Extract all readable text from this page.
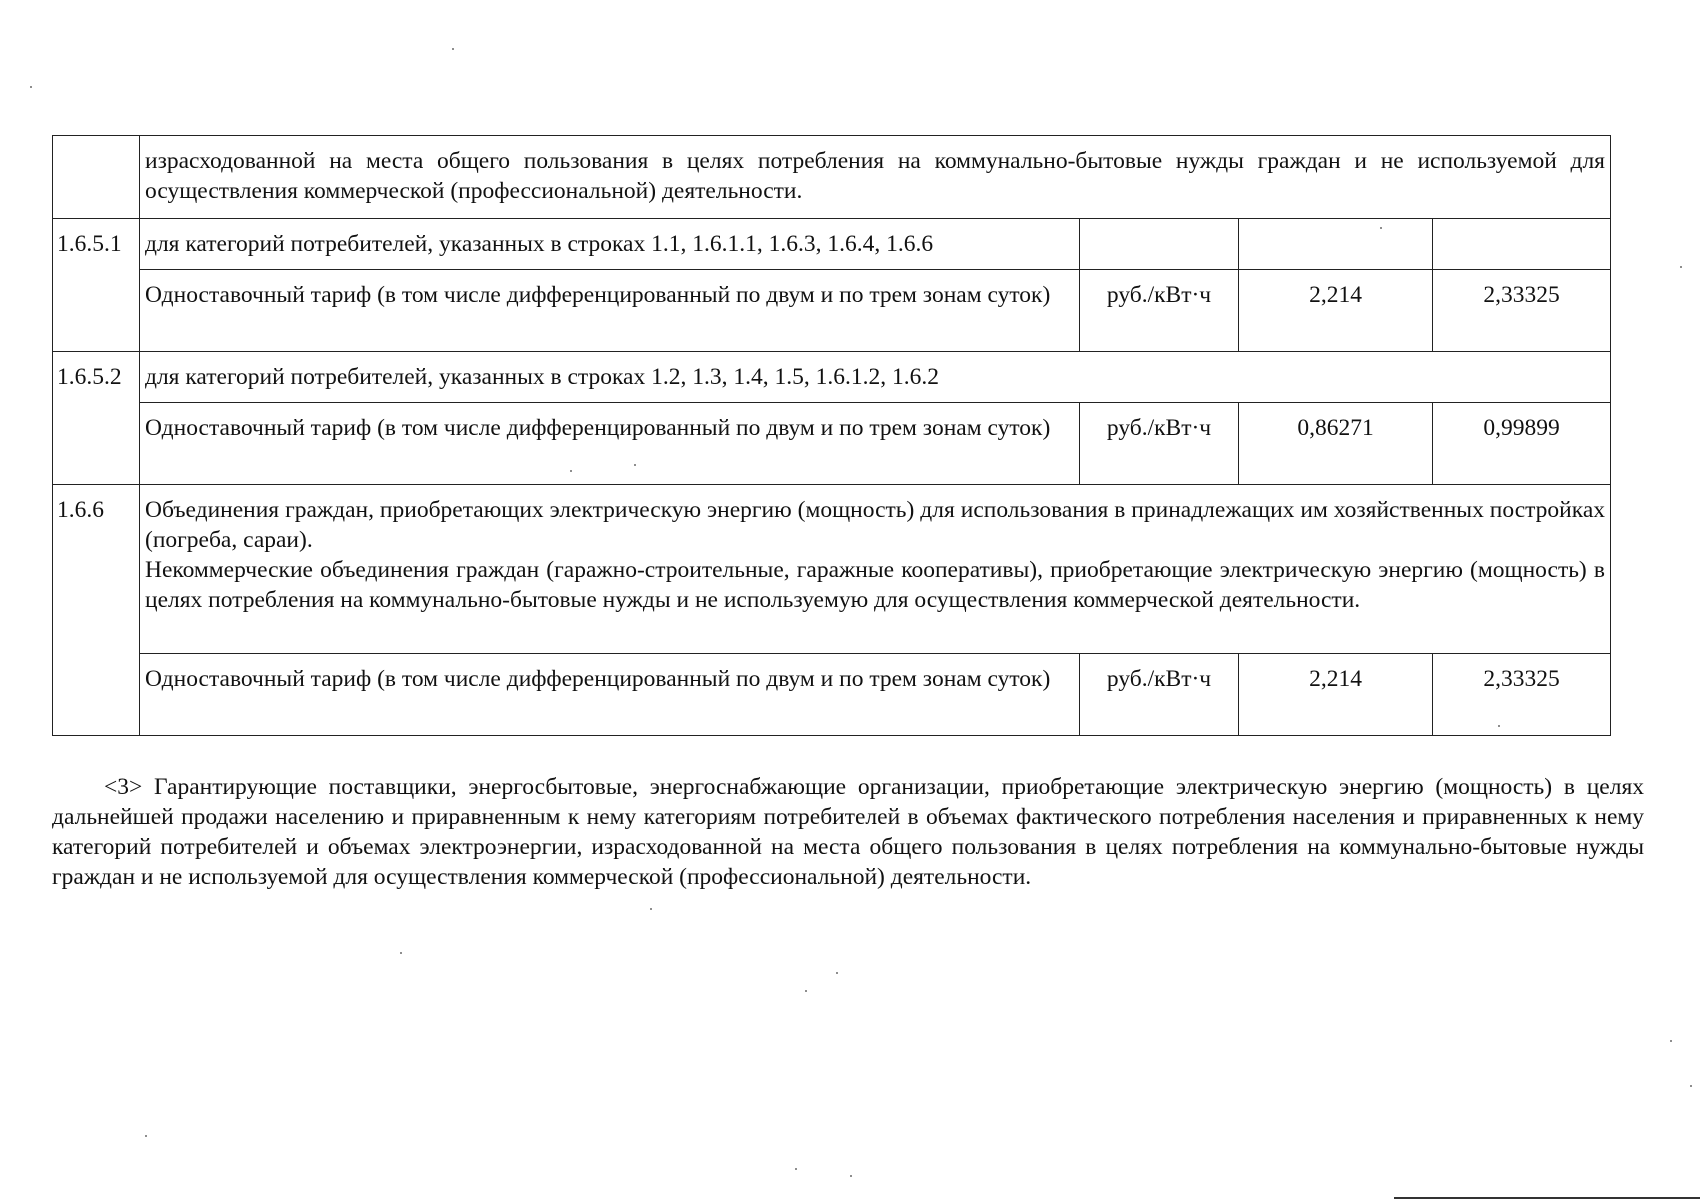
	израсходованной на места общего пользования в целях потребления на коммунально-бытовые нужды граждан и не используемой для осуществления коммерческой (профессиональной) деятельности.			
1.6.5.1	для категорий потребителей, указанных в строках 1.1, 1.6.1.1, 1.6.3, 1.6.4, 1.6.6			
	Одноставочный тариф (в том числе дифференцированный по двум и по трем зонам суток)	руб./кВт·ч	2,214	2,33325
1.6.5.2	для категорий потребителей, указанных в строках 1.2, 1.3, 1.4, 1.5, 1.6.1.2, 1.6.2			
	Одноставочный тариф (в том числе дифференцированный по двум и по трем зонам суток)	руб./кВт·ч	0,86271	0,99899
1.6.6	Объединения граждан, приобретающих электрическую энергию (мощность) для использования в принадлежащих им хозяйственных постройках (погреба, сараи).
Некоммерческие объединения граждан (гаражно-строительные, гаражные кооперативы), приобретающие электрическую энергию (мощность) в целях потребления на коммунально-бытовые нужды и не используемую для осуществления коммерческой деятельности.			

	Одноставочный тариф (в том числе дифференцированный по двум и по трем зонам суток)	руб./кВт·ч	2,214	2,33325

<3> Гарантирующие поставщики, энергосбытовые, энергоснабжающие организации, приобретающие электрическую энергию (мощность) в целях дальнейшей продажи населению и приравненным к нему категориям потребителей в объемах фактического потребления населения и приравненных к нему категорий потребителей и объемах электроэнергии, израсходованной на места общего пользования в целях потребления на коммунально-бытовые нужды граждан и не используемой для осуществления коммерческой (профессиональной) деятельности.
